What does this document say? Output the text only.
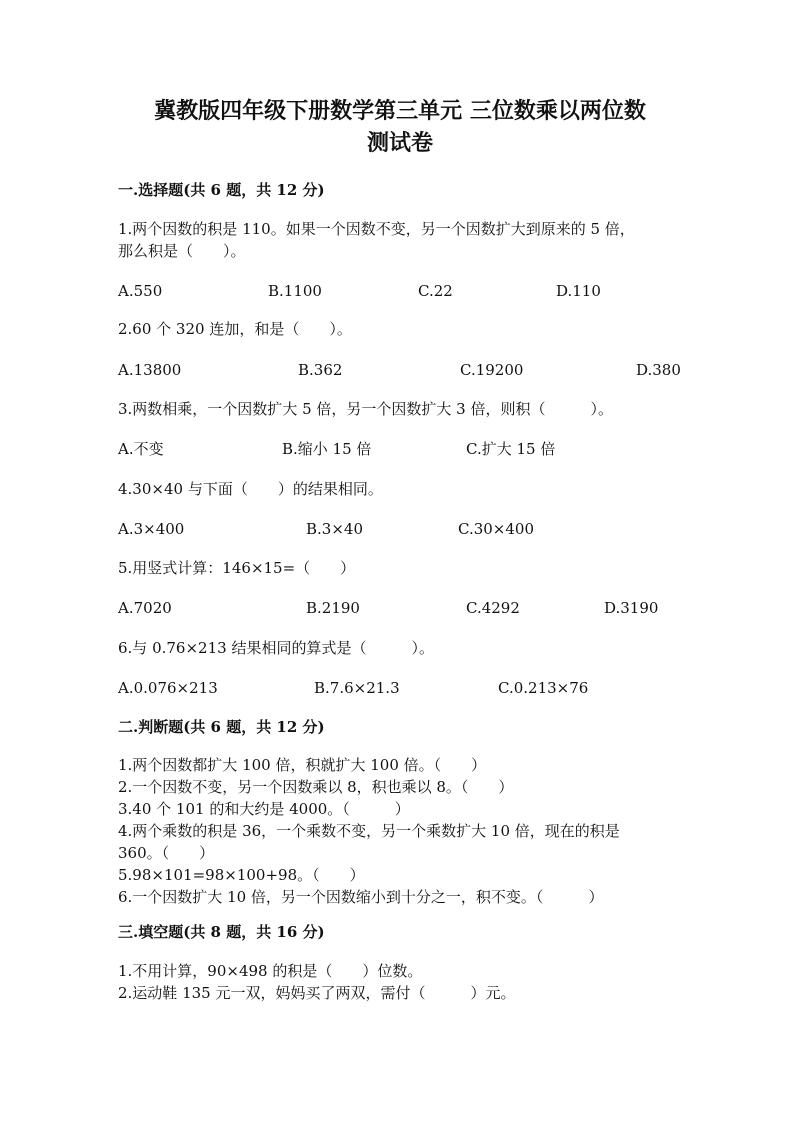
冀教版四年级下册数学第三单元 三位数乘以两位数
测试卷
一.选择题(共 6 题，共 12 分)
1.两个因数的积是 110。如果一个因数不变，另一个因数扩大到原来的 5 倍，
那么积是（　　）。
A.550	B.1100	C.22	D.110
2.60 个 320 连加，和是（　　）。
A.13800	B.362	C.19200	D.380
3.两数相乘，一个因数扩大 5 倍，另一个因数扩大 3 倍，则积（　　　）。
A.不变	B.缩小 15 倍	C.扩大 15 倍
4.30×40 与下面（　　）的结果相同。
A.3×400	B.3×40	C.30×400
5.用竖式计算：146×15=（　　）
A.7020	B.2190	C.4292	D.3190
6.与 0.76×213 结果相同的算式是（　　　）。
A.0.076×213	B.7.6×21.3	C.0.213×76
二.判断题(共 6 题，共 12 分)
1.两个因数都扩大 100 倍，积就扩大 100 倍。（　　）
2.一个因数不变，另一个因数乘以 8，积也乘以 8。（　　）
3.40 个 101 的和大约是 4000。（　　　）
4.两个乘数的积是 36，一个乘数不变，另一个乘数扩大 10 倍，现在的积是
360。（　　）
5.98×101=98×100+98。（　　）
6.一个因数扩大 10 倍，另一个因数缩小到十分之一，积不变。（　　　）
三.填空题(共 8 题，共 16 分)
1.不用计算，90×498 的积是（　　）位数。
2.运动鞋 135 元一双，妈妈买了两双，需付（　　　）元。
